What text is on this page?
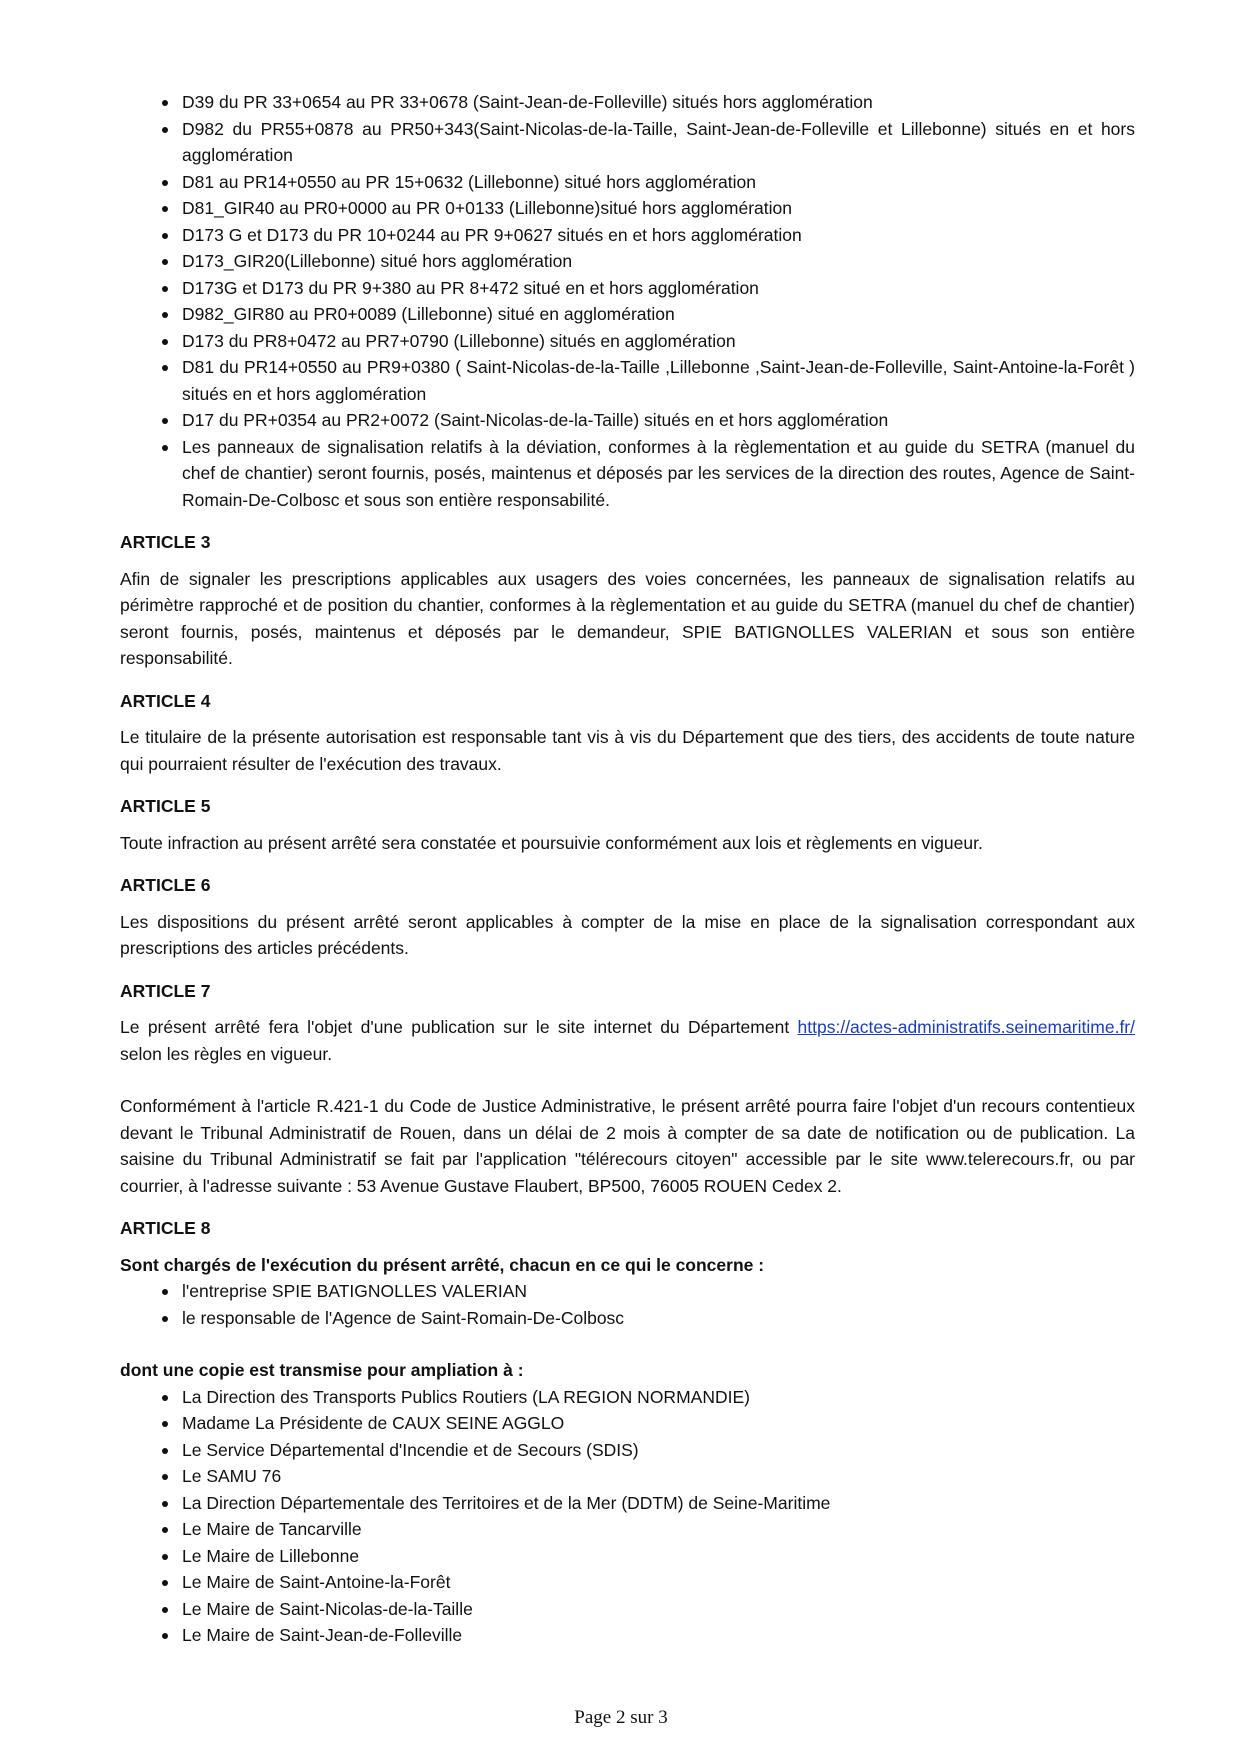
D39 du PR 33+0654 au PR 33+0678 (Saint-Jean-de-Folleville) situés hors agglomération
D982 du PR55+0878 au PR50+343(Saint-Nicolas-de-la-Taille, Saint-Jean-de-Folleville et Lillebonne) situés en et hors agglomération
D81 au PR14+0550 au PR 15+0632 (Lillebonne) situé hors agglomération
D81_GIR40 au PR0+0000 au PR 0+0133 (Lillebonne)situé hors agglomération
D173 G et D173 du PR 10+0244 au PR 9+0627 situés en et hors agglomération
D173_GIR20(Lillebonne) situé hors agglomération
D173G et D173 du PR 9+380 au PR 8+472 situé en et hors agglomération
D982_GIR80 au PR0+0089 (Lillebonne) situé en agglomération
D173 du PR8+0472 au PR7+0790 (Lillebonne) situés en agglomération
D81 du PR14+0550 au PR9+0380 ( Saint-Nicolas-de-la-Taille ,Lillebonne ,Saint-Jean-de-Folleville, Saint-Antoine-la-Forêt ) situés en et hors agglomération
D17 du PR+0354 au PR2+0072 (Saint-Nicolas-de-la-Taille) situés en et hors agglomération
Les panneaux de signalisation relatifs à la déviation, conformes à la règlementation et au guide du SETRA (manuel du chef de chantier) seront fournis, posés, maintenus et déposés par les services de la direction des routes, Agence de Saint-Romain-De-Colbosc et sous son entière responsabilité.
ARTICLE 3

Afin de signaler les prescriptions applicables aux usagers des voies concernées, les panneaux de signalisation relatifs au périmètre rapproché et de position du chantier, conformes à la règlementation et au guide du SETRA (manuel du chef de chantier) seront fournis, posés, maintenus et déposés par le demandeur, SPIE BATIGNOLLES VALERIAN et sous son entière responsabilité.

ARTICLE 4

Le titulaire de la présente autorisation est responsable tant vis à vis du Département que des tiers, des accidents de toute nature qui pourraient résulter de l'exécution des travaux.

ARTICLE 5

Toute infraction au présent arrêté sera constatée et poursuivie conformément aux lois et règlements en vigueur.

ARTICLE 6

Les dispositions du présent arrêté seront applicables à compter de la mise en place de la signalisation correspondant aux prescriptions des articles précédents.

ARTICLE 7

Le présent arrêté fera l'objet d'une publication sur le site internet du Département https://actes-administratifs.seinemaritime.fr/ selon les règles en vigueur.

Conformément à l'article R.421-1 du Code de Justice Administrative, le présent arrêté pourra faire l'objet d'un recours contentieux devant le Tribunal Administratif de Rouen, dans un délai de 2 mois à compter de sa date de notification ou de publication. La saisine du Tribunal Administratif se fait par l'application "télérecours citoyen" accessible par le site www.telerecours.fr, ou par courrier, à l'adresse suivante : 53 Avenue Gustave Flaubert, BP500, 76005 ROUEN Cedex 2.

ARTICLE 8

Sont chargés de l'exécution du présent arrêté, chacun en ce qui le concerne :

l'entreprise SPIE BATIGNOLLES VALERIAN
le responsable de l'Agence de Saint-Romain-De-Colbosc

dont une copie est transmise pour ampliation à :

La Direction des Transports Publics Routiers (LA REGION NORMANDIE)
Madame La Présidente de CAUX SEINE AGGLO
Le Service Départemental d'Incendie et de Secours (SDIS)
Le SAMU 76
La Direction Départementale des Territoires et de la Mer (DDTM) de Seine-Maritime
Le Maire de Tancarville
Le Maire de Lillebonne
Le Maire de Saint-Antoine-la-Forêt
Le Maire de Saint-Nicolas-de-la-Taille
Le Maire de Saint-Jean-de-Folleville
Page 2 sur 3
